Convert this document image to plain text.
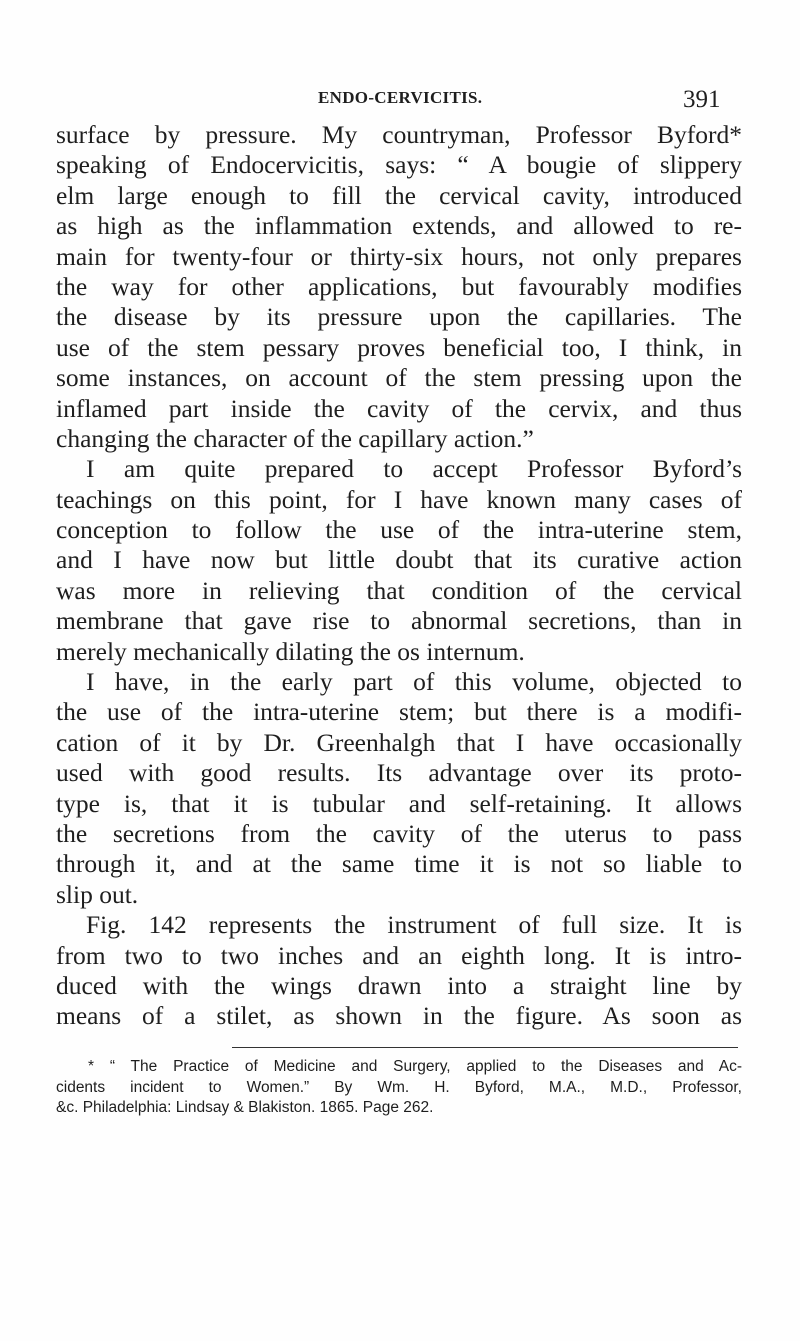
ENDO-CERVICITIS.	391
surface by pressure. My countryman, Professor Byford*
speaking of Endocervicitis, says: “ A bougie of slippery
elm large enough to fill the cervical cavity, introduced
as high as the inflammation extends, and allowed to re-
main for twenty-four or thirty-six hours, not only prepares
the way for other applications, but favourably modifies
the disease by its pressure upon the capillaries. The
use of the stem pessary proves beneficial too, I think, in
some instances, on account of the stem pressing upon the
inflamed part inside the cavity of the cervix, and thus
changing the character of the capillary action.”
I am quite prepared to accept Professor Byford’s
teachings on this point, for I have known many cases of
conception to follow the use of the intra-uterine stem,
and I have now but little doubt that its curative action
was more in relieving that condition of the cervical
membrane that gave rise to abnormal secretions, than in
merely mechanically dilating the os internum.
I have, in the early part of this volume, objected to
the use of the intra-uterine stem; but there is a modifi-
cation of it by Dr. Greenhalgh that I have occasionally
used with good results. Its advantage over its proto-
type is, that it is tubular and self-retaining. It allows
the secretions from the cavity of the uterus to pass
through it, and at the same time it is not so liable to
slip out.
Fig. 142 represents the instrument of full size. It is
from two to two inches and an eighth long. It is intro-
duced with the wings drawn into a straight line by
means of a stilet, as shown in the figure. As soon as
* “ The Practice of Medicine and Surgery, applied to the Diseases and Ac-
cidents incident to Women.” By Wm. H. Byford, M.A., M.D., Professor,
&c. Philadelphia: Lindsay & Blakiston. 1865. Page 262.
